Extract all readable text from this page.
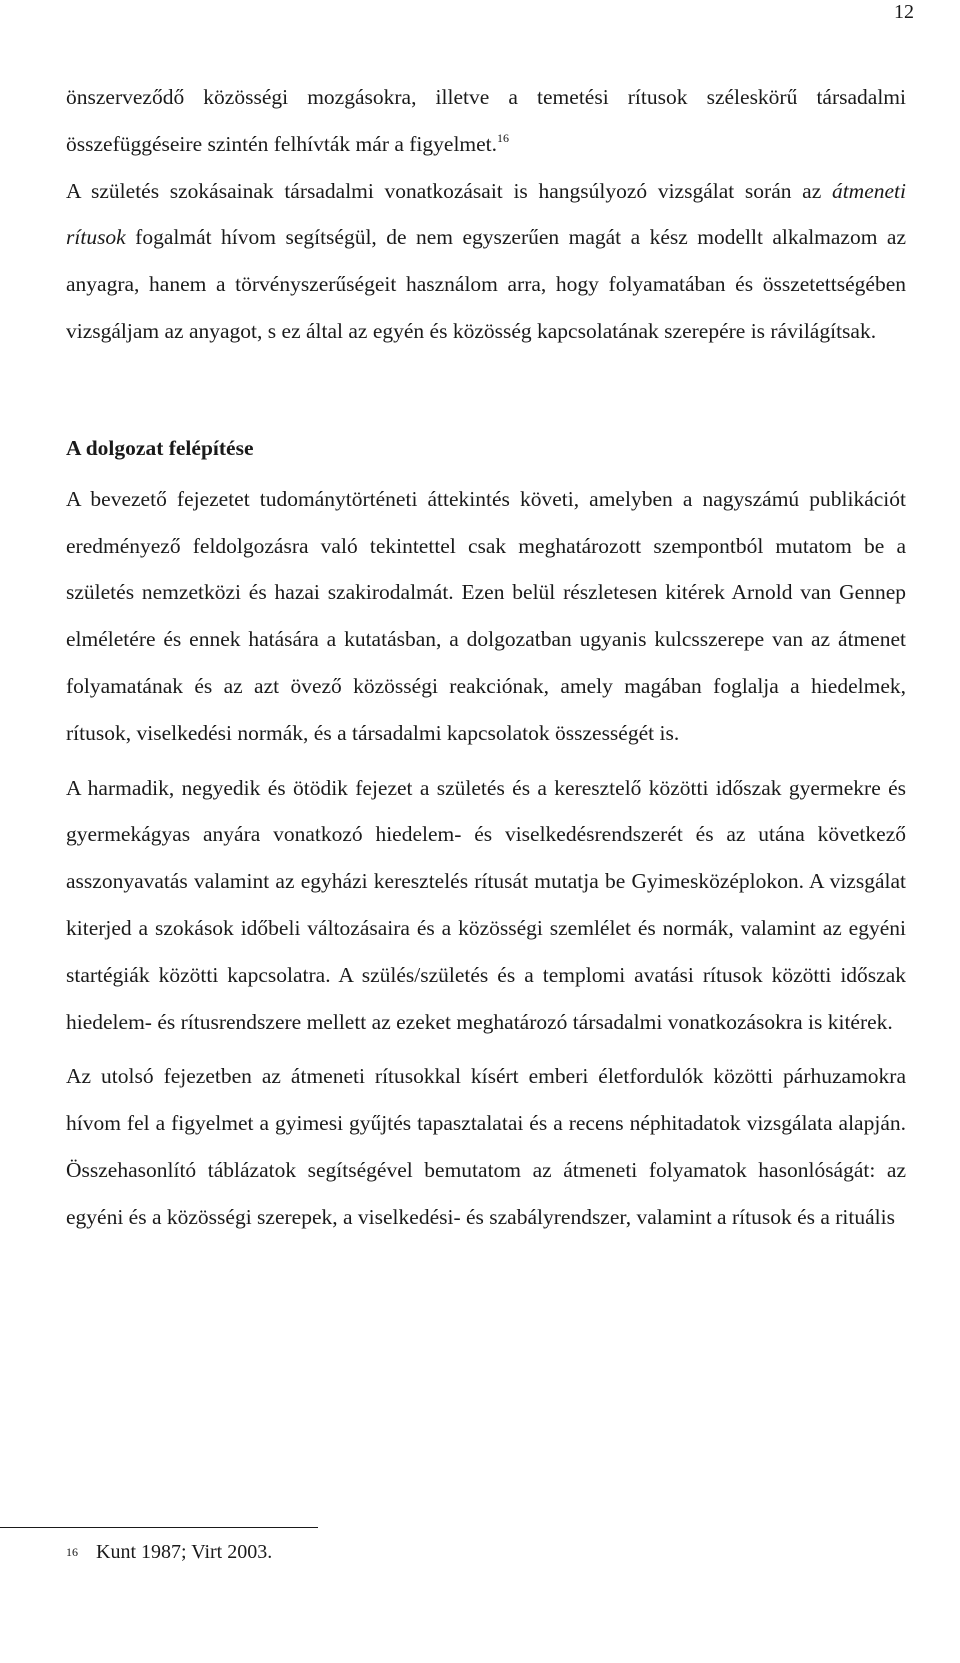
12

önszerveződő közösségi mozgásokra, illetve a temetési rítusok széleskörű társadalmi összefüggéseire szintén felhívták már a figyelmet.$^{16}$

A születés szokásainak társadalmi vonatkozásait is hangsúlyozó vizsgálat során az átmeneti rítusok fogalmát hívom segítségül, de nem egyszerűen magát a kész modellt alkalmazom az anyagra, hanem a törvényszerűségeit használom arra, hogy folyamatában és összetettségében vizsgáljam az anyagot, s ez által az egyén és közösség kapcsolatának szerepére is rávilágítsak.

A dolgozat felépítése

A bevezető fejezetet tudománytörténeti áttekintés követi, amelyben a nagyszámú publikációt eredményező feldolgozásra való tekintettel csak meghatározott szempontból mutatom be a születés nemzetközi és hazai szakirodalmát. Ezen belül részletesen kitérek Arnold van Gennep elméletére és ennek hatására a kutatásban, a dolgozatban ugyanis kulcsszerepe van az átmenet folyamatának és az azt övező közösségi reakciónak, amely magában foglalja a hiedelmek, rítusok, viselkedési normák, és a társadalmi kapcsolatok összességét is.

A harmadik, negyedik és ötödik fejezet a születés és a keresztelő közötti időszak gyermekre és gyermekágyas anyára vonatkozó hiedelem- és viselkedésrendszerét és az utána következő asszonyavatás valamint az egyházi keresztelés rítusát mutatja be Gyimesközéplokon. A vizsgálat kiterjed a szokások időbeli változásaira és a közösségi szemlélet és normák, valamint az egyéni startégiák közötti kapcsolatra. A szülés/születés és a templomi avatási rítusok közötti időszak hiedelem- és rítusrendszere mellett az ezeket meghatározó társadalmi vonatkozásokra is kitérek.

Az utolsó fejezetben az átmeneti rítusokkal kísért emberi életfordulók közötti párhuzamokra hívom fel a figyelmet a gyimesi gyűjtés tapasztalatai és a recens néphitadatok vizsgálata alapján. Összehasonlító táblázatok segítségével bemutatom az átmeneti folyamatok hasonlóságát: az egyéni és a közösségi szerepek, a viselkedési- és szabályrendszer, valamint a rítusok és a rituális

$^{16}$ Kunt 1987; Virt 2003.
